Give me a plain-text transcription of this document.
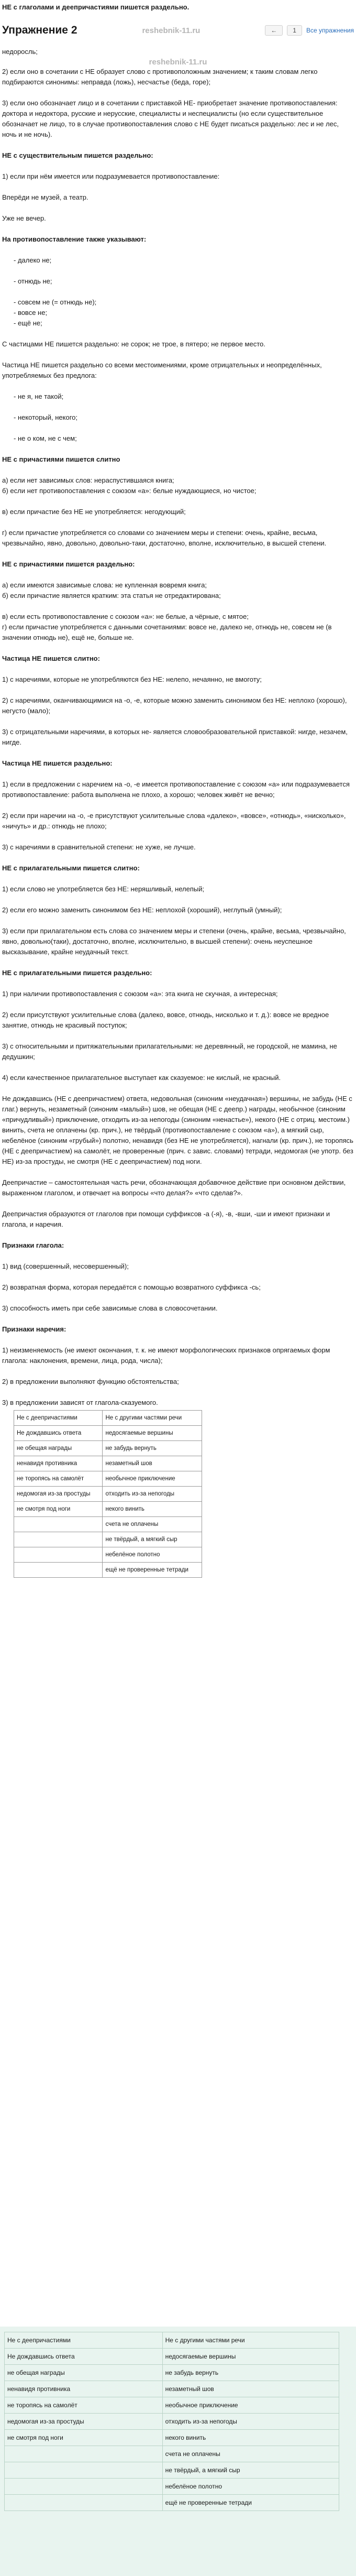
НЕ с глаголами и деепричастиями пишется раздельно.

Упражнение 2	reshebnik-11.ru	←	1	Все упражнения

недоросль;

reshebnik-11.ru

2) если оно в сочетании с НЕ образует слово с противоположным значением; к таким словам легко подбираются синонимы: неправда (ложь), несчастье (беда, горе);

3) если оно обозначает лицо и в сочетании с приставкой НЕ- приобретает значение противопоставления: доктора и недоктора, русские и нерусские, специалисты и неспециалисты (но если существительное обозначает не лицо, то в случае противопоставления слово с НЕ будет писаться раздельно: лес и не лес, ночь и не ночь).

НЕ с существительным пишется раздельно:

1) если при нём имеется или подразумевается противопоставление:

Вперёди не музей, а театр.

Уже не вечер.

На противопоставление также указывают:

- далеко не;

- отнюдь не;

- совсем не (= отнюдь не);

- вовсе не;

- ещё не;

С частицами НЕ пишется раздельно: не сорок; не трое, в пятеро; не первое место.

Частица НЕ пишется раздельно со всеми местоимениями, кроме отрицательных и неопределённых, употребляемых без предлога:

- не я, не такой;

- некоторый, некого;

- не о ком, не с чем;

НЕ с причастиями пишется слитно

а) если нет зависимых слов: нераспустившаяся книга;

б) если нет противопоставления с союзом «а»: белые нуждающиеся, но чистое;

в) если причастие без НЕ не употребляется: негодующий;

г) если причастие употребляется со словами со значением меры и степени: очень, крайне, весьма, чрезвычайно, явно, довольно, довольно-таки, достаточно, вполне, исключительно, в высшей степени.

НЕ с причастиями пишется раздельно:

а) если имеются зависимые слова: не купленная вовремя книга;

б) если причастие является кратким: эта статья не отредактирована;

в) если есть противопоставление с союзом «а»: не белые, а чёрные, с мятое;

г) если причастие употребляется с данными сочетаниями: вовсе не, далеко не, отнюдь не, совсем не (в значении отнюдь не), ещё не, больше не.

Частица НЕ пишется слитно:

1) с наречиями, которые не употребляются без НЕ: нелепо, нечаянно, не вмоготу;

2) с наречиями, оканчивающимися на -о, -е, которые можно заменить синонимом без НЕ: неплохо (хорошо), негусто (мало);

3) с отрицательными наречиями, в которых не- является словообразовательной приставкой: нигде, незачем, нигде.

Частица НЕ пишется раздельно:

1) если в предложении с наречием на -о, -е имеется противопоставление с союзом «а» или подразумевается противопоставление: работа выполнена не плохо, а хорошо; человек живёт не вечно;

2) если при наречии на -о, -е присутствуют усилительные слова «далеко», «вовсе», «отнюдь», «нисколько», «ничуть» и др.: отнюдь не плохо;

3) с наречиями в сравнительной степени: не хуже, не лучше.

НЕ с прилагательными пишется слитно:

1) если слово не употребляется без НЕ: неряшливый, нелепый;

2) если его можно заменить синонимом без НЕ: неплохой (хороший), неглупый (умный);

3) если при прилагательном есть слова со значением меры и степени (очень, крайне, весьма, чрезвычайно, явно, довольно(таки), достаточно, вполне, исключительно, в высшей степени): очень неуспешное высказывание, крайне неудачный текст.

НЕ с прилагательными пишется раздельно:

1) при наличии противопоставления с союзом «а»: эта книга не скучная, а интересная;

2) если присутствуют усилительные слова (далеко, вовсе, отнюдь, нисколько и т. д.): вовсе не вредное занятие, отнюдь не красивый поступок;

3) с относительными и притяжательными прилагательными: не деревянный, не городской, не мамина, не дедушкин;

4) если качественное прилагательное выступает как сказуемое: не кислый, не красный.

Не дождавшись (НЕ с деепричастием) ответа, недовольная (синоним «неудачная») вершины, не забудь (НЕ с глаг.) вернуть, незаметный (синоним «малый») шов, не обещая (НЕ с деепр.) награды, необычное (синоним «причудливый») приключение, отходить из-за непогоды (синоним «ненастье»), некого (НЕ с отриц. местоим.) винить, счета не оплачены (кр. прич.), не твёрдый (противопоставление с союзом «а»), а мягкий сыр, небелёное (синоним «грубый») полотно, ненавидя (без НЕ не употребляется), нагнали (кр. прич.), не торопясь (НЕ с деепричастием) на самолёт, не проверенные (прич. с завис. словами) тетради, недомогая (не употр. без НЕ) из-за простуды, не смотря (НЕ с деепричастием) под ноги.

Деепричастие – самостоятельная часть речи, обозначающая добавочное действие при основном действии, выраженном глаголом, и отвечает на вопросы «что делая?» «что сделав?».

Деепричастия образуются от глаголов при помощи суффиксов -а (-я), -в, -вши, -ши и имеют признаки и глагола, и наречия.

Признаки глагола:

1) вид (совершенный, несовершенный);

2) возвратная форма, которая передаётся с помощью возвратного суффикса -сь;

3) способность иметь при себе зависимые слова в словосочетании.

Признаки наречия:

1) неизменяемость (не имеют окончания, т. к. не имеют морфологических признаков опрягаемых форм глагола: наклонения, времени, лица, рода, числа);

2) в предложении выполняют функцию обстоятельства;

3) в предложении зависят от глагола-сказуемого.

Не с деепричастиями	Не с другими частями речи
Не дождавшись ответа	недосягаемые вершины
не обещая награды	не забудь вернуть
ненавидя противника	незаметный шов
не торопясь на самолёт	необычное приключение
недомогая из-за простуды	отходить из-за непогоды
не смотря под ноги	некого винить
	счета не оплачены
	не твёрдый, а мягкий сыр
	небелёное полотно
	ещё не проверенные тетради
Не с деепричастиями	Не с другими частями речи
Не дождавшись ответа	недосягаемые вершины
не обещая награды	не забудь вернуть
ненавидя противника	незаметный шов
не торопясь на самолёт	необычное приключение
недомогая из-за простуды	отходить из-за непогоды
не смотря под ноги	некого винить
	счета не оплачены
	не твёрдый, а мягкий сыр
	небелёное полотно
	ещё не проверенные тетради
